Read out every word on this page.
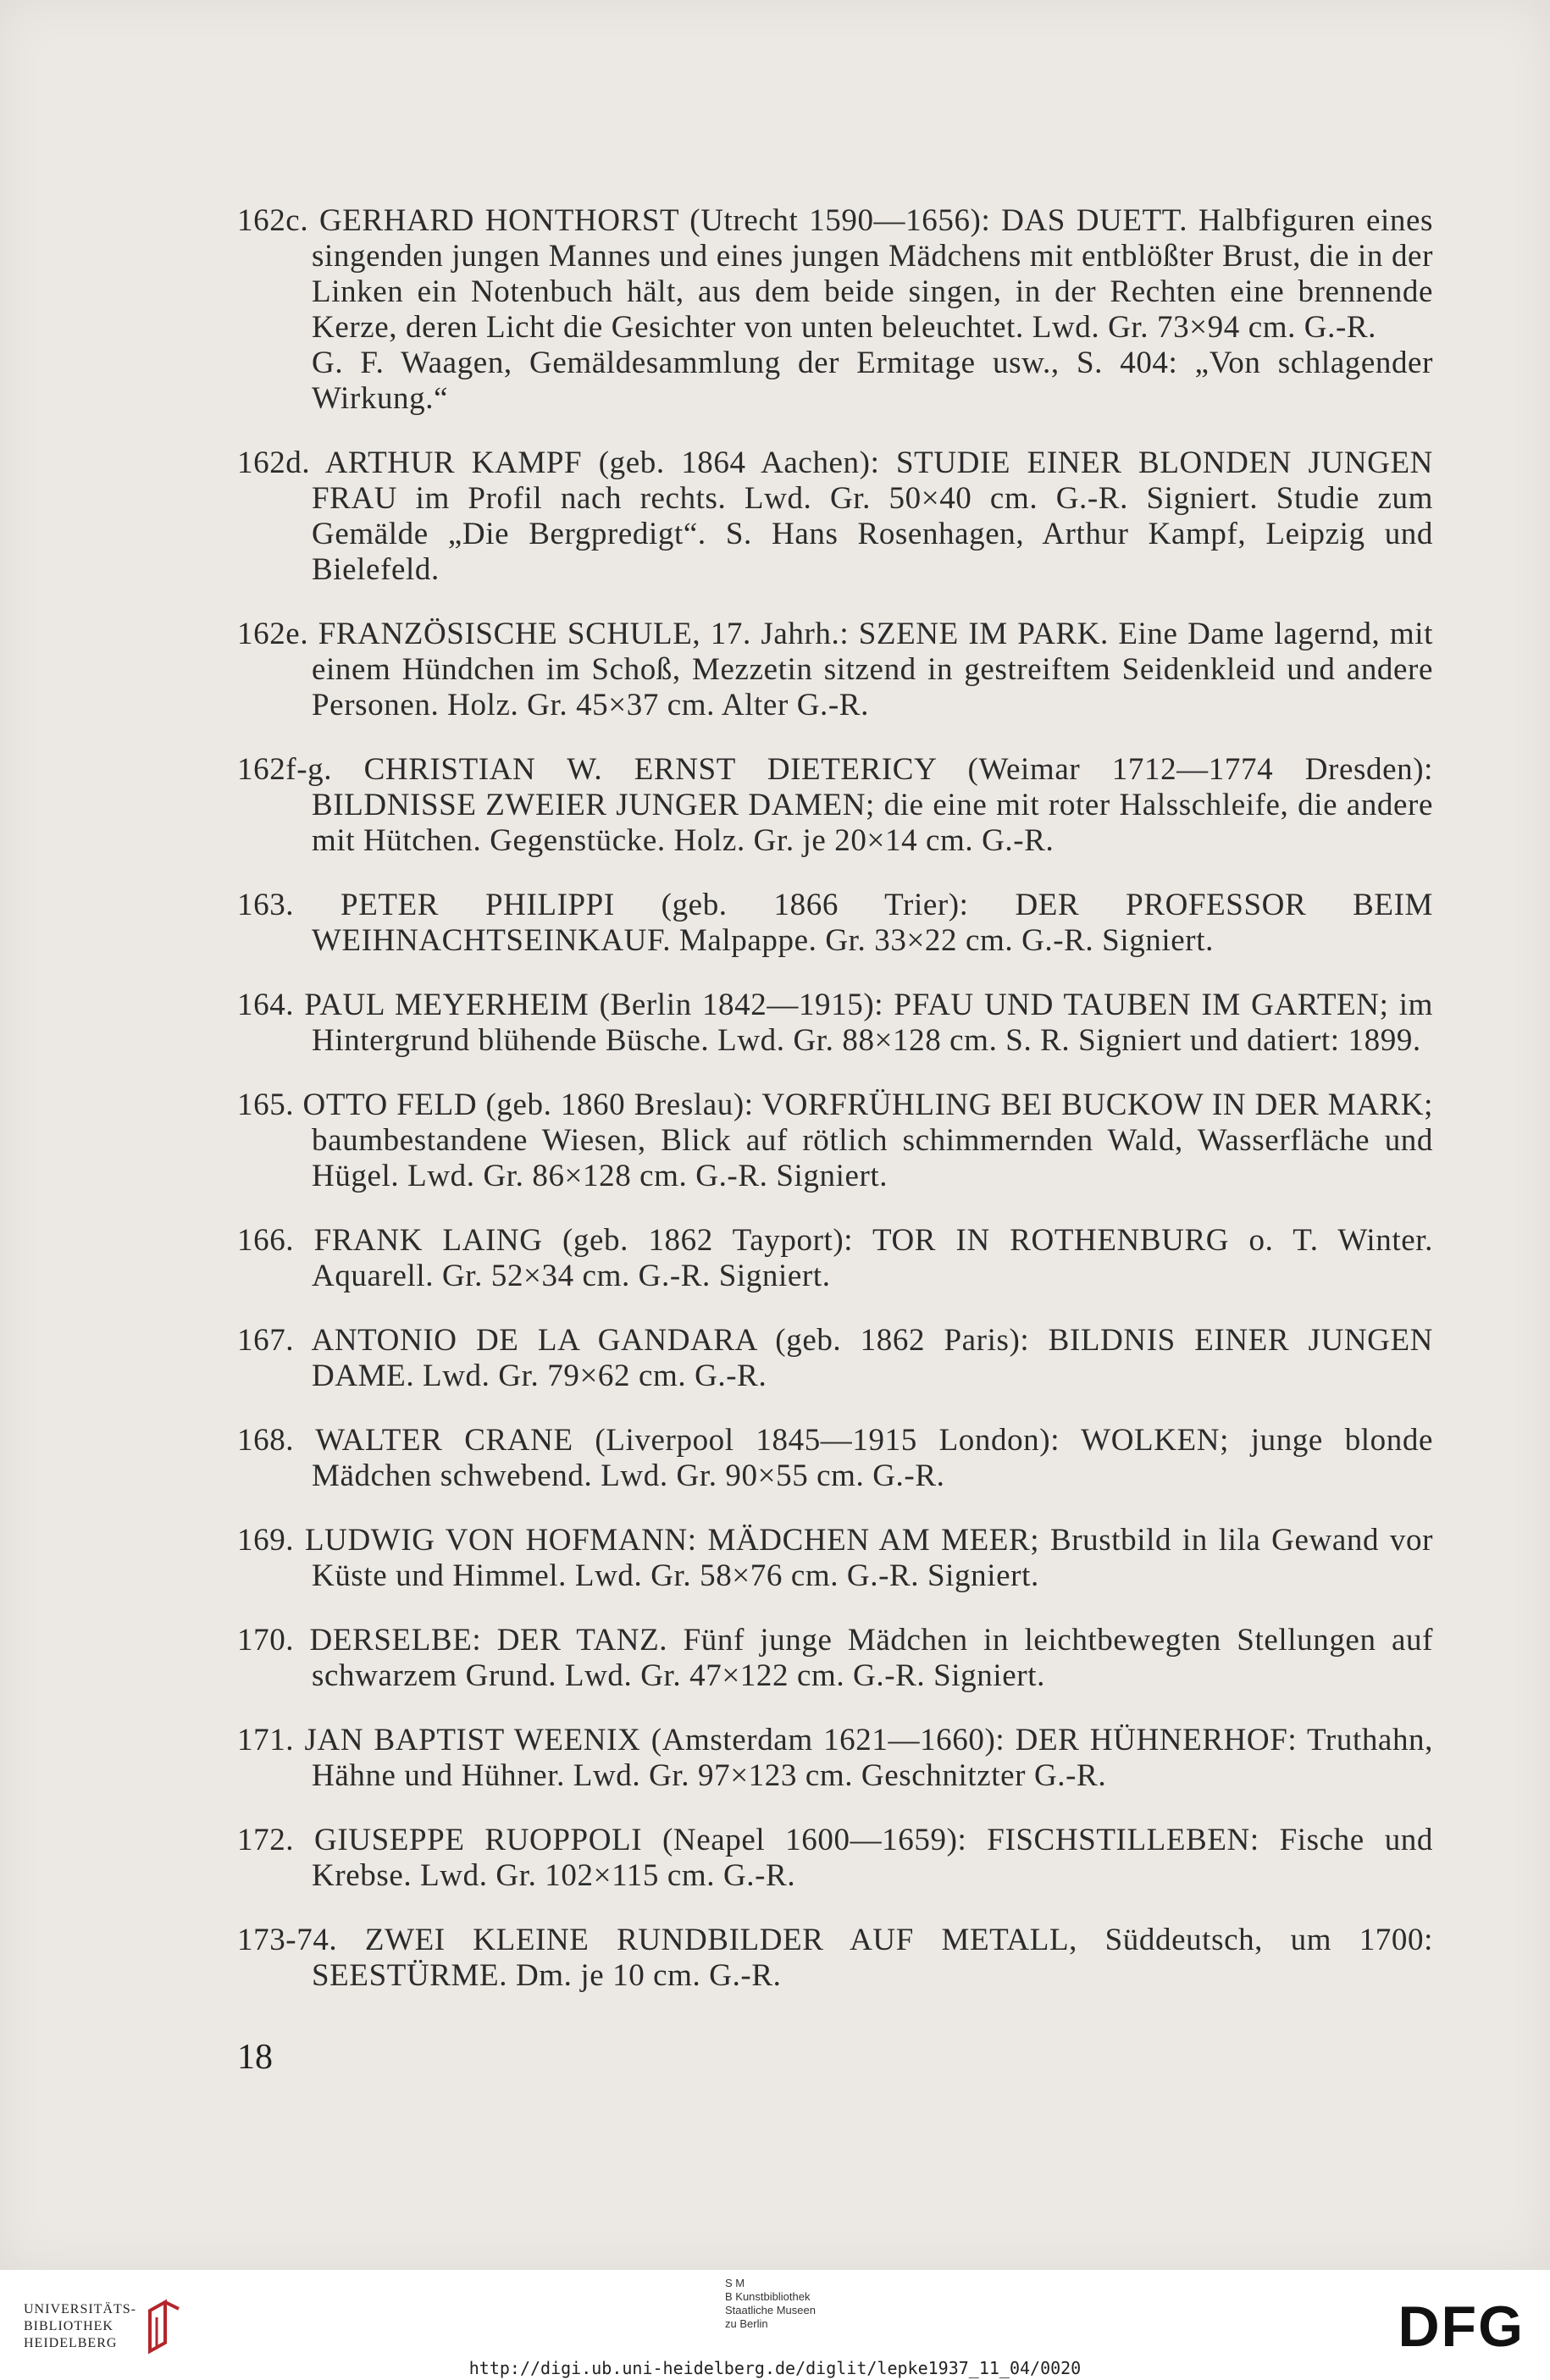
162c. GERHARD HONTHORST (Utrecht 1590—1656): DAS DUETT. Halbfiguren eines singenden jungen Mannes und eines jungen Mädchens mit entblößter Brust, die in der Linken ein Notenbuch hält, aus dem beide singen, in der Rechten eine brennende Kerze, deren Licht die Gesichter von unten beleuchtet. Lwd. Gr. 73×94 cm. G.-R.

G. F. Waagen, Gemäldesammlung der Ermitage usw., S. 404: „Von schlagender Wirkung.“

162d. ARTHUR KAMPF (geb. 1864 Aachen): STUDIE EINER BLONDEN JUNGEN FRAU im Profil nach rechts. Lwd. Gr. 50×40 cm. G.-R. Signiert. Studie zum Gemälde „Die Bergpredigt“. S. Hans Rosenhagen, Arthur Kampf, Leipzig und Bielefeld.

162e. FRANZÖSISCHE SCHULE, 17. Jahrh.: SZENE IM PARK. Eine Dame lagernd, mit einem Hündchen im Schoß, Mezzetin sitzend in gestreiftem Seidenkleid und andere Personen. Holz. Gr. 45×37 cm. Alter G.-R.

162f-g. CHRISTIAN W. ERNST DIETERICY (Weimar 1712—1774 Dresden): BILDNISSE ZWEIER JUNGER DAMEN; die eine mit roter Halsschleife, die andere mit Hütchen. Gegenstücke. Holz. Gr. je 20×14 cm. G.-R.

163. PETER PHILIPPI (geb. 1866 Trier): DER PROFESSOR BEIM WEIHNACHTSEINKAUF. Malpappe. Gr. 33×22 cm. G.-R. Signiert.

164. PAUL MEYERHEIM (Berlin 1842—1915): PFAU UND TAUBEN IM GARTEN; im Hintergrund blühende Büsche. Lwd. Gr. 88×128 cm. S. R. Signiert und datiert: 1899.

165. OTTO FELD (geb. 1860 Breslau): VORFRÜHLING BEI BUCKOW IN DER MARK; baumbestandene Wiesen, Blick auf rötlich schimmernden Wald, Wasserfläche und Hügel. Lwd. Gr. 86×128 cm. G.-R. Signiert.

166. FRANK LAING (geb. 1862 Tayport): TOR IN ROTHENBURG o. T. Winter. Aquarell. Gr. 52×34 cm. G.-R. Signiert.

167. ANTONIO DE LA GANDARA (geb. 1862 Paris): BILDNIS EINER JUNGEN DAME. Lwd. Gr. 79×62 cm. G.-R.

168. WALTER CRANE (Liverpool 1845—1915 London): WOLKEN; junge blonde Mädchen schwebend. Lwd. Gr. 90×55 cm. G.-R.

169. LUDWIG VON HOFMANN: MÄDCHEN AM MEER; Brustbild in lila Gewand vor Küste und Himmel. Lwd. Gr. 58×76 cm. G.-R. Signiert.

170. DERSELBE: DER TANZ. Fünf junge Mädchen in leichtbewegten Stellungen auf schwarzem Grund. Lwd. Gr. 47×122 cm. G.-R. Signiert.

171. JAN BAPTIST WEENIX (Amsterdam 1621—1660): DER HÜHNERHOF: Truthahn, Hähne und Hühner. Lwd. Gr. 97×123 cm. Geschnitzter G.-R.

172. GIUSEPPE RUOPPOLI (Neapel 1600—1659): FISCHSTILLEBEN: Fische und Krebse. Lwd. Gr. 102×115 cm. G.-R.

173-74. ZWEI KLEINE RUNDBILDER AUF METALL, Süddeutsch, um 1700: SEESTÜRME. Dm. je 10 cm. G.-R.

18
UNIVERSITÄTS-
BIBLIOTHEK
HEIDELBERG
S M
B Kunstbibliothek
Staatliche Museen
zu Berlin	DFG
http://digi.ub.uni-heidelberg.de/diglit/lepke1937_11_04/0020
